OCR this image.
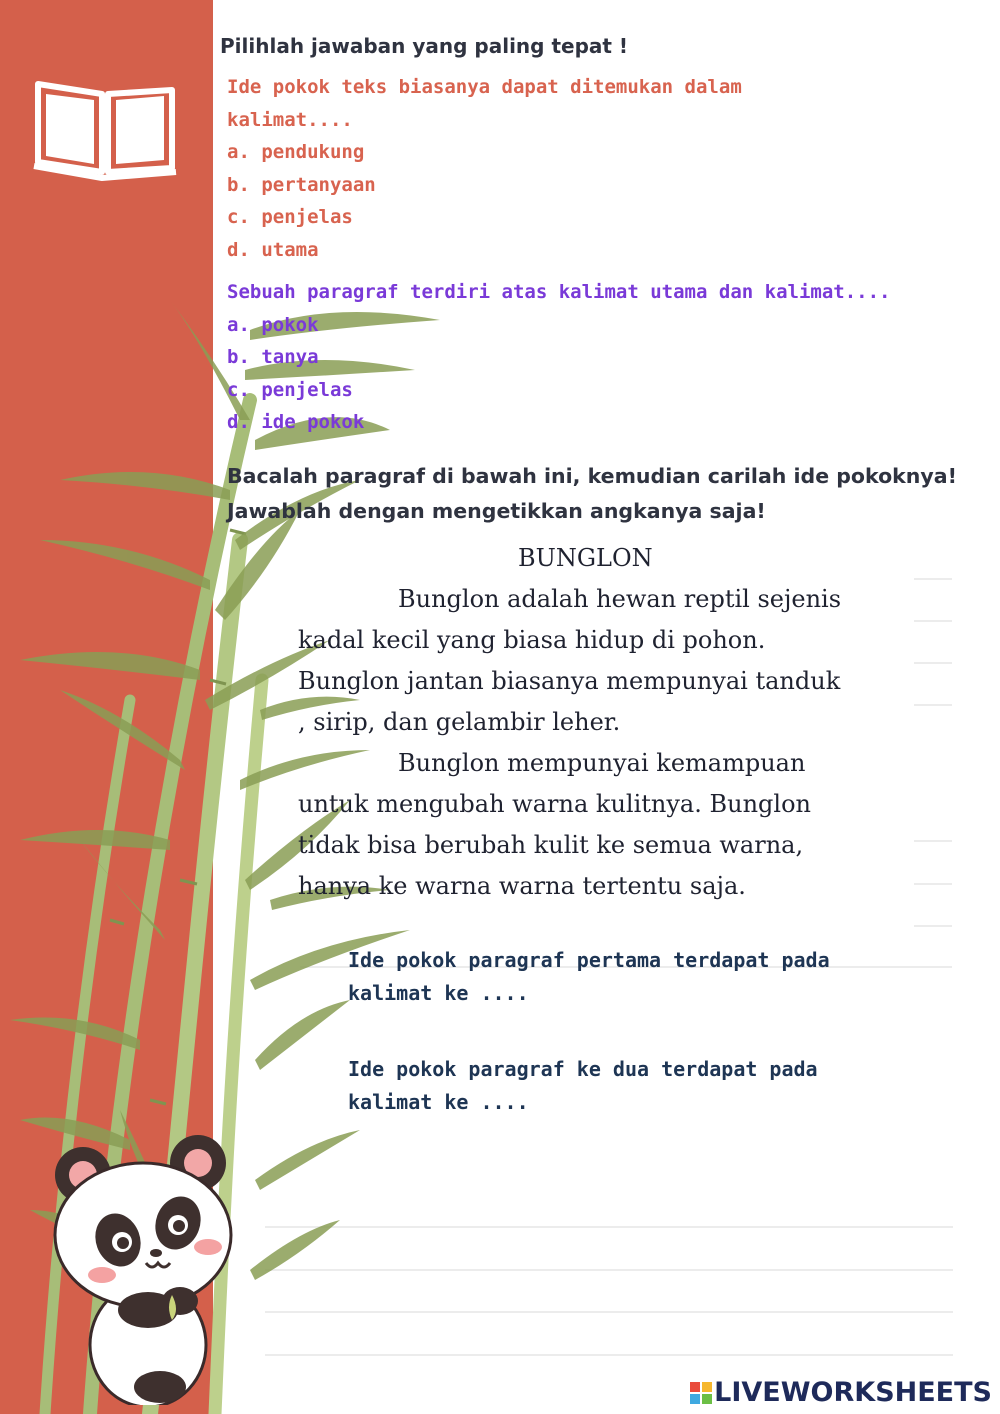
Pilihlah jawaban yang paling tepat !
Ide pokok teks biasanya dapat ditemukan dalam
kalimat....
a. pendukung
b. pertanyaan
c. penjelas
d. utama
Sebuah paragraf terdiri atas kalimat utama dan kalimat....
a. pokok
b. tanya
c. penjelas
d. ide pokok
Bacalah paragraf di bawah ini, kemudian carilah ide pokoknya!
Jawablah dengan mengetikkan angkanya saja!
BUNGLON
Bunglon adalah hewan reptil sejenis
kadal kecil yang biasa hidup di pohon.
Bunglon jantan biasanya mempunyai tanduk
, sirip, dan gelambir leher.
Bunglon mempunyai kemampuan
untuk mengubah warna kulitnya. Bunglon
tidak bisa berubah kulit ke semua warna,
hanya ke warna warna tertentu saja.
Ide pokok paragraf pertama terdapat pada
kalimat ke ....
Ide pokok paragraf ke dua terdapat pada
kalimat ke ....
LIVEWORKSHEETS
